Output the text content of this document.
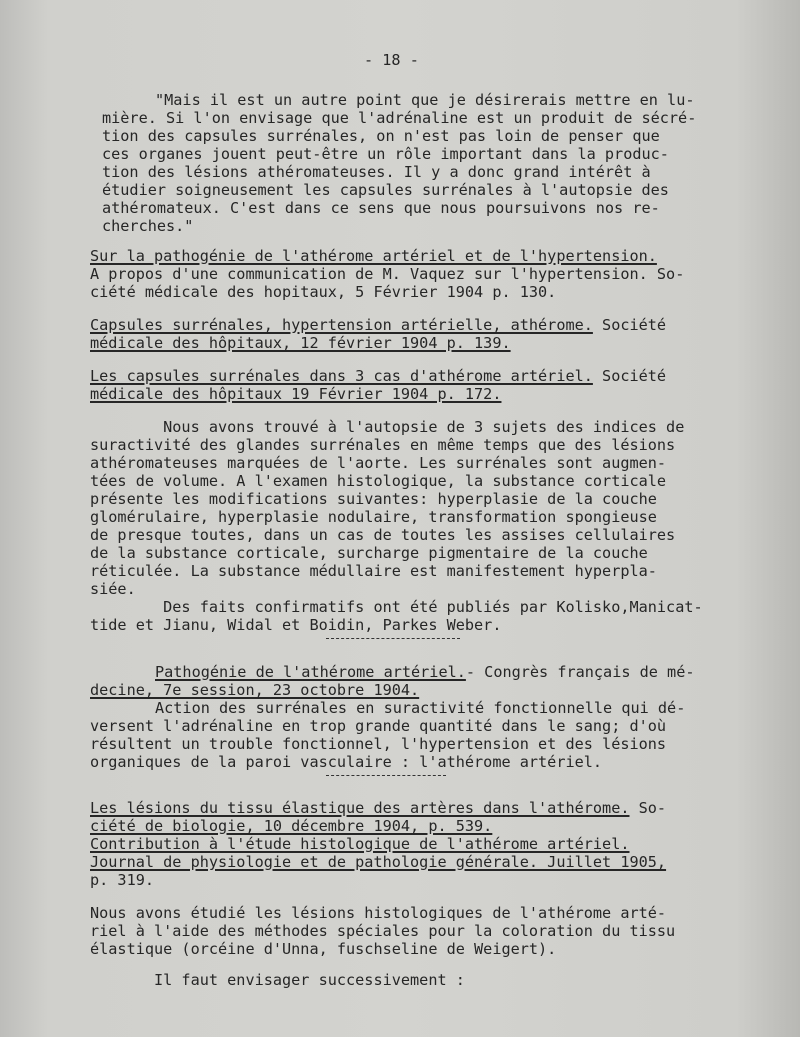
- 18 -
"Mais il est un autre point que je désirerais mettre en lu-
mière. Si l'on envisage que l'adrénaline est un produit de sécré-
tion des capsules surrénales, on n'est pas loin de penser que
ces organes jouent peut-être un rôle important dans la produc-
tion des lésions athéromateuses. Il y a donc grand intérêt à
étudier soigneusement les capsules surrénales à l'autopsie des
athéromateux. C'est dans ce sens que nous poursuivons nos re-
cherches."
Sur la pathogénie de l'athérome artériel et de l'hypertension.
A propos d'une communication de M. Vaquez sur l'hypertension. So-
ciété médicale des hopitaux, 5 Février 1904 p. 130.
Capsules surrénales, hypertension artérielle, athérome. Société
médicale des hôpitaux, 12 février 1904 p. 139.
Les capsules surrénales dans 3 cas d'athérome artériel. Société
médicale des hôpitaux 19 Février 1904 p. 172.
Nous avons trouvé à l'autopsie de 3 sujets des indices de
suractivité des glandes surrénales en même temps que des lésions
athéromateuses marquées de l'aorte. Les surrénales sont augmen-
tées de volume. A l'examen histologique, la substance corticale
présente les modifications suivantes: hyperplasie de la couche
glomérulaire, hyperplasie nodulaire, transformation spongieuse
de presque toutes, dans un cas de toutes les assises cellulaires
de la substance corticale, surcharge pigmentaire de la couche
réticulée. La substance médullaire est manifestement hyperpla-
siée.
Des faits confirmatifs ont été publiés par Kolisko,Manicat-
tide et Jianu, Widal et Boidin, Parkes Weber.
Pathogénie de l'athérome artériel.- Congrès français de mé-
decine, 7e session, 23 octobre 1904.
Action des surrénales en suractivité fonctionnelle qui dé-
versent l'adrénaline en trop grande quantité dans le sang; d'où
résultent un trouble fonctionnel, l'hypertension et des lésions
organiques de la paroi vasculaire : l'athérome artériel.
Les lésions du tissu élastique des artères dans l'athérome. So-
ciété de biologie, 10 décembre 1904, p. 539.
Contribution à l'étude histologique de l'athérome artériel.
Journal de physiologie et de pathologie générale. Juillet 1905,
p. 319.
Nous avons étudié les lésions histologiques de l'athérome arté-
riel à l'aide des méthodes spéciales pour la coloration du tissu
élastique (orcéine d'Unna, fuschseline de Weigert).
Il faut envisager successivement :
